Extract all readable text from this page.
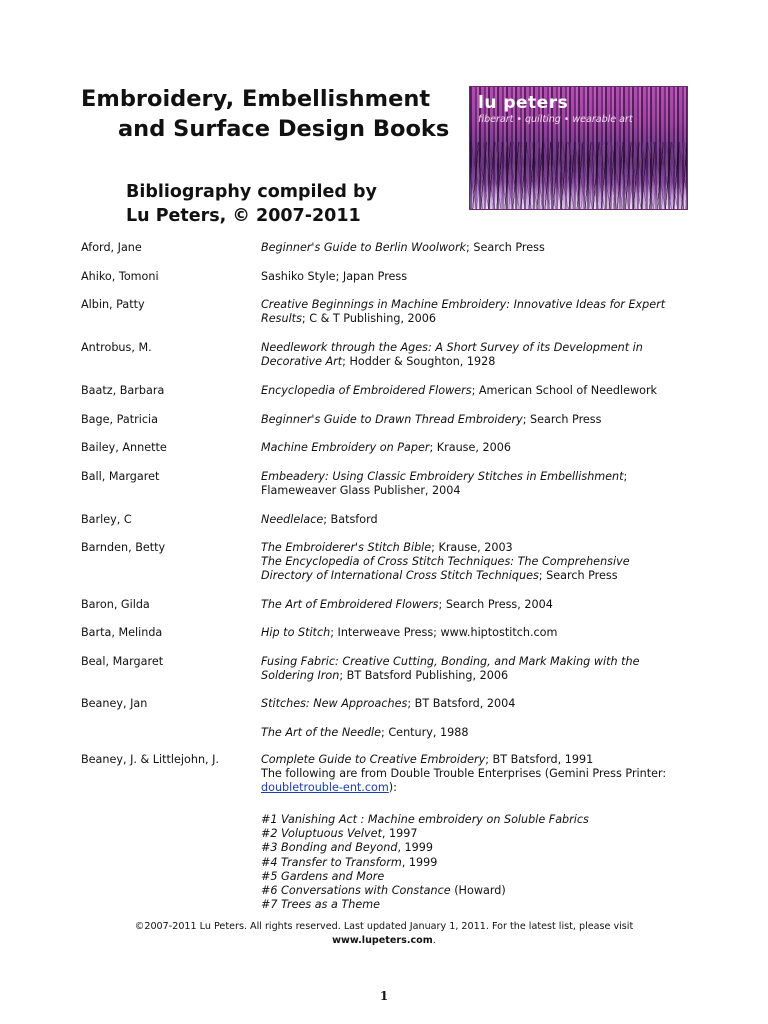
Embroidery, Embellishment
and Surface Design Books
Bibliography compiled by
Lu Peters, © 2007-2011
lu peters
fiberart • quilting • wearable art
Aford, Jane	Beginner's Guide to Berlin Woolwork; Search Press
Ahiko, Tomoni	Sashiko Style; Japan Press
Albin, Patty	Creative Beginnings in Machine Embroidery: Innovative Ideas for Expert
Results; C & T Publishing, 2006
Antrobus, M.	Needlework through the Ages: A Short Survey of its Development in
Decorative Art; Hodder & Soughton, 1928
Baatz, Barbara	Encyclopedia of Embroidered Flowers; American School of Needlework
Bage, Patricia	Beginner's Guide to Drawn Thread Embroidery; Search Press
Bailey, Annette	Machine Embroidery on Paper; Krause, 2006
Ball, Margaret	Embeadery: Using Classic Embroidery Stitches in Embellishment;
Flameweaver Glass Publisher, 2004
Barley, C	Needlelace; Batsford
Barnden, Betty	The Embroiderer's Stitch Bible; Krause, 2003
The Encyclopedia of Cross Stitch Techniques: The Comprehensive
Directory of International Cross Stitch Techniques; Search Press
Baron, Gilda	The Art of Embroidered Flowers; Search Press, 2004
Barta, Melinda	Hip to Stitch; Interweave Press; www.hiptostitch.com
Beal, Margaret	Fusing Fabric: Creative Cutting, Bonding, and Mark Making with the
Soldering Iron; BT Batsford Publishing, 2006
Beaney, Jan	Stitches: New Approaches; BT Batsford, 2004
The Art of the Needle; Century, 1988
Beaney, J. & Littlejohn, J.	Complete Guide to Creative Embroidery; BT Batsford, 1991
The following are from Double Trouble Enterprises (Gemini Press Printer:
doubletrouble-ent.com):
#1 Vanishing Act : Machine embroidery on Soluble Fabrics
#2 Voluptuous Velvet, 1997
#3 Bonding and Beyond, 1999
#4 Transfer to Transform, 1999
#5 Gardens and More
#6 Conversations with Constance (Howard)
#7 Trees as a Theme
©2007-2011 Lu Peters. All rights reserved. Last updated January 1, 2011. For the latest list, please visit
www.lupeters.com.
1
